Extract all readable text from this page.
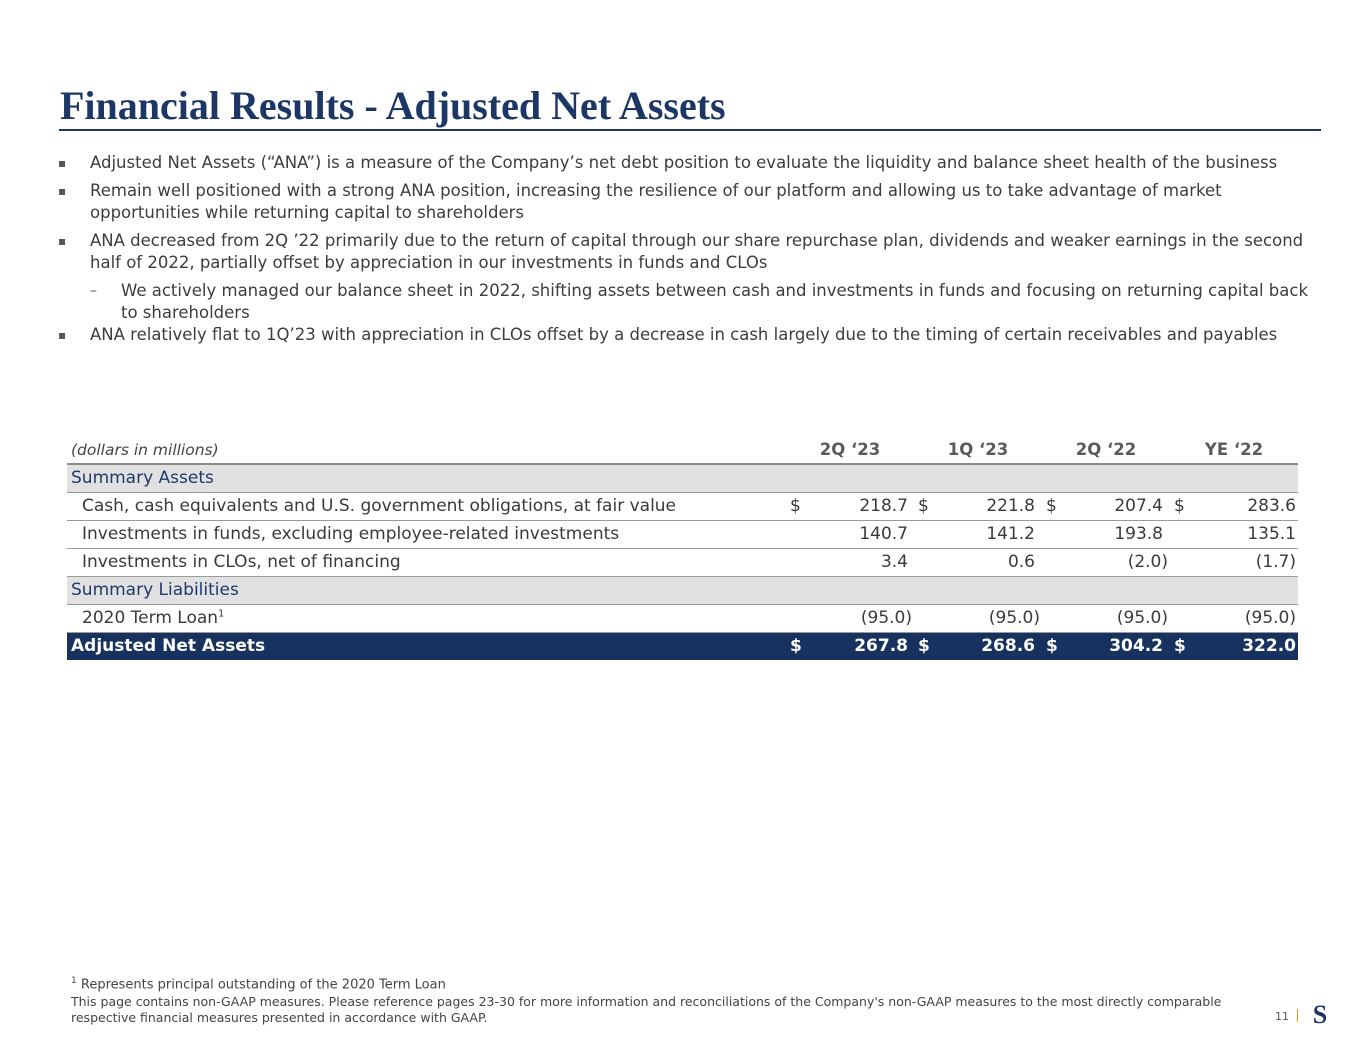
Financial Results - Adjusted Net Assets
▪ Adjusted Net Assets (“ANA”) is a measure of the Company’s net debt position to evaluate the liquidity and balance sheet health of the business
▪ Remain well positioned with a strong ANA position, increasing the resilience of our platform and allowing us to take advantage of market opportunities while returning capital to shareholders
▪ ANA decreased from 2Q ’22 primarily due to the return of capital through our share repurchase plan, dividends and weaker earnings in the second half of 2022, partially offset by appreciation in our investments in funds and CLOs
– We actively managed our balance sheet in 2022, shifting assets between cash and investments in funds and focusing on returning capital back to shareholders
▪ ANA relatively flat to 1Q’23 with appreciation in CLOs offset by a decrease in cash largely due to the timing of certain receivables and payables
(dollars in millions)	2Q ‘23	1Q ‘23	2Q ‘22	YE ‘22
Summary Assets
Cash, cash equivalents and U.S. government obligations, at fair value	$	218.7 $	221.8 $	207.4 $	283.6
Investments in funds, excluding employee-related investments	140.7	141.2	193.8	135.1
Investments in CLOs, net of financing	3.4	0.6	(2.0)	(1.7)
Summary Liabilities
2020 Term Loan$^1$	(95.0)	(95.0)	(95.0)	(95.0)
Adjusted Net Assets	$	267.8 $	268.6 $	304.2 $	322.0
$^1$ Represents principal outstanding of the 2020 Term Loan
This page contains non-GAAP measures. Please reference pages 23-30 for more information and reconciliations of the Company's non-GAAP measures to the most directly comparable respective financial measures presented in accordance with GAAP.	11 S
